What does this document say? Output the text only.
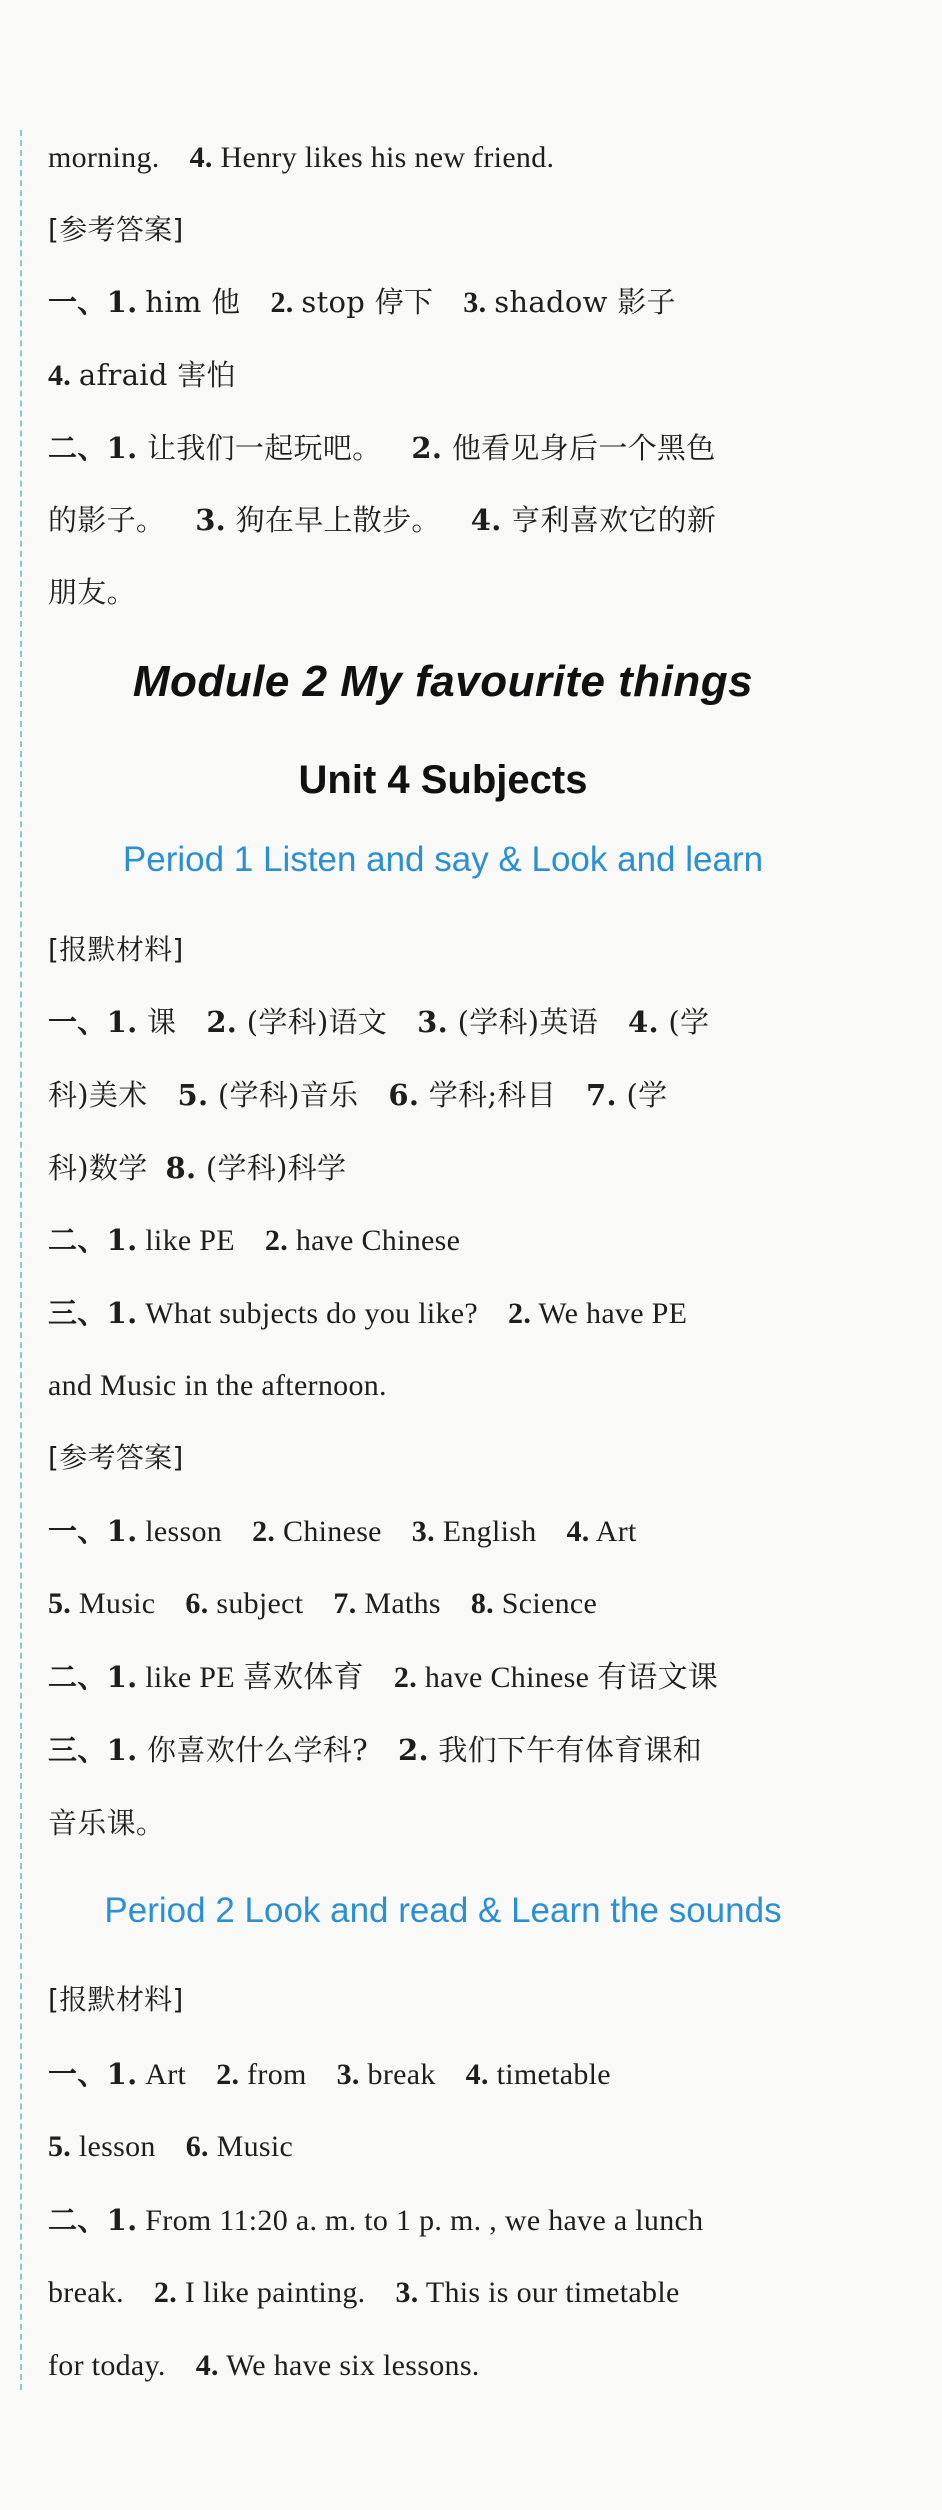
morning. 4. Henry likes his new friend.
[参考答案]
一、1. him 他 2. stop 停下 3. shadow 影子
4. afraid 害怕
二、1. 让我们一起玩吧。 2. 他看见身后一个黑色
的影子。 3. 狗在早上散步。 4. 亨利喜欢它的新
朋友。
Module 2 My favourite things
Unit 4 Subjects
Period 1 Listen and say & Look and learn
[报默材料]
一、1. 课 2. (学科)语文 3. (学科)英语 4. (学
科)美术 5. (学科)音乐 6. 学科;科目 7. (学
科)数学 8. (学科)科学
二、1. like PE 2. have Chinese
三、1. What subjects do you like? 2. We have PE
and Music in the afternoon.
[参考答案]
一、1. lesson 2. Chinese 3. English 4. Art
5. Music 6. subject 7. Maths 8. Science
二、1. like PE 喜欢体育 2. have Chinese 有语文课
三、1. 你喜欢什么学科? 2. 我们下午有体育课和
音乐课。
Period 2 Look and read & Learn the sounds
[报默材料]
一、1. Art 2. from 3. break 4. timetable
5. lesson 6. Music
二、1. From 11:20 a. m. to 1 p. m. , we have a lunch
break. 2. I like painting. 3. This is our timetable
for today. 4. We have six lessons.
